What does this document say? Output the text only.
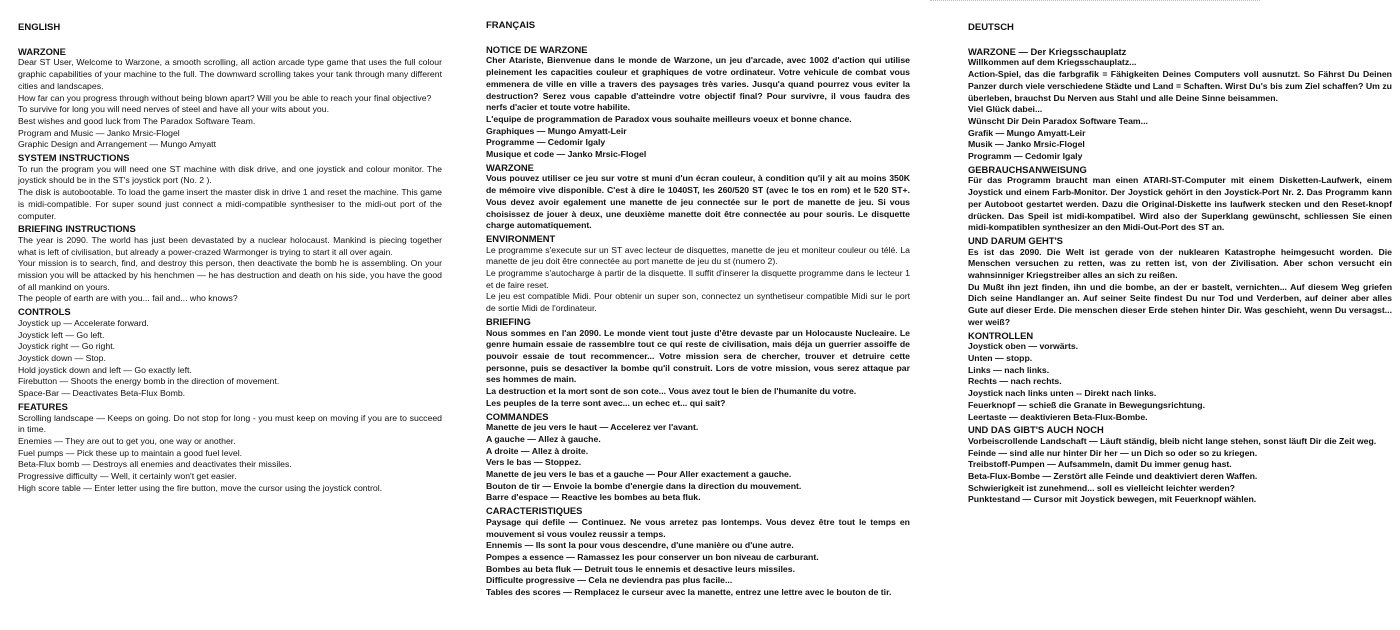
ENGLISH
WARZONE
Dear ST User, Welcome to Warzone, a smooth scrolling, all action arcade type game that uses the full colour graphic capabilities of your machine to the full. The downward scrolling takes your tank through many different cities and landscapes.
How far can you progress through without being blown apart? Will you be able to reach your final objective?
To survive for long you will need nerves of steel and have all your wits about you.
Best wishes and good luck from The Paradox Software Team.
Program and Music — Janko Mrsic-Flogel
Graphic Design and Arrangement — Mungo Amyatt
SYSTEM INSTRUCTIONS
To run the program you will need one ST machine with disk drive, and one joystick and colour monitor. The joystick should be in the ST's joystick port (No. 2 ).
The disk is autobootable. To load the game insert the master disk in drive 1 and reset the machine. This game is midi-compatible. For super sound just connect a midi-compatible synthesiser to the midi-out port of the computer.
BRIEFING INSTRUCTIONS
The year is 2090. The world has just been devastated by a nuclear holocaust. Mankind is piecing together what is left of civilisation, but already a power-crazed Warmonger is trying to start it all over again.
Your mission is to search, find, and destroy this person, then deactivate the bomb he is assembling. On your mission you will be attacked by his henchmen — he has destruction and death on his side, you have the good of all mankind on yours.
The people of earth are with you... fail and... who knows?
CONTROLS
Joystick up — Accelerate forward.
Joystick left — Go left.
Joystick right — Go right.
Joystick down — Stop.
Hold joystick down and left — Go exactly left.
Firebutton — Shoots the energy bomb in the direction of movement.
Space-Bar — Deactivates Beta-Flux Bomb.
FEATURES
Scrolling landscape — Keeps on going. Do not stop for long - you must keep on moving if you are to succeed in time.
Enemies — They are out to get you, one way or another.
Fuel pumps — Pick these up to maintain a good fuel level.
Beta-Flux bomb — Destroys all enemies and deactivates their missiles.
Progressive difficulty — Well, it certainly won't get easier.
High score table — Enter letter using the fire button, move the cursor using the joystick control.
FRANÇAIS
NOTICE DE WARZONE
Cher Atariste, Bienvenue dans le monde de Warzone, un jeu d'arcade, avec 1002 d'action qui utilise pleinement les capacities couleur et graphiques de votre ordinateur. Votre vehicule de combat vous emmenera de ville en ville a travers des paysages très varies. Jusqu'a quand pourrez vous eviter la destruction? Serez vous capable d'atteindre votre objectif final? Pour survivre, il vous faudra des nerfs d'acier et toute votre habilite.
L'equipe de programmation de Paradox vous souhaite meilleurs voeux et bonne chance.
Graphiques — Mungo Amyatt-Leir
Programme — Cedomir Igaly
Musique et code — Janko Mrsic-Flogel
WARZONE
Vous pouvez utiliser ce jeu sur votre st muni d'un écran couleur, à condition qu'il y ait au moins 350K de mémoire vive disponible. C'est à dire le 1040ST, les 260/520 ST (avec le tos en rom) et le 520 ST+. Vous devez avoir egalement une manette de jeu connectée sur le port de manette de jeu. Si vous choisissez de jouer à deux, une deuxième manette doit être connectée au pour souris. Le disquette charge automatiquement.
ENVIRONMENT
Le programme s'execute sur un ST avec lecteur de disquettes, manette de jeu et moniteur couleur ou télé. La manette de jeu doit être connectée au port manette de jeu du st (numero 2).
Le programme s'autocharge à partir de la disquette. Il suffit d'inserer la disquette programme dans le lecteur 1 et de faire reset.
Le jeu est compatible Midi. Pour obtenir un super son, connectez un synthetiseur compatible Midi sur le port de sortie Midi de l'ordinateur.
BRIEFING
Nous sommes en l'an 2090. Le monde vient tout juste d'être devaste par un Holocauste Nucleaire. Le genre humain essaie de rassemblre tout ce qui reste de civilisation, mais déja un guerrier assoiffe de pouvoir essaie de tout recommencer... Votre mission sera de chercher, trouver et detruire cette personne, puis se desactiver la bombe qu'il construit. Lors de votre mission, vous serez attaque par ses hommes de main.
La destruction et la mort sont de son cote... Vous avez tout le bien de l'humanite du votre.
Les peuples de la terre sont avec... un echec et... qui sait?
COMMANDES
Manette de jeu vers le haut — Accelerez ver l'avant.
A gauche — Allez à gauche.
A droite — Allez à droite.
Vers le bas — Stoppez.
Manette de jeu vers le bas et a gauche — Pour Aller exactement a gauche.
Bouton de tir — Envoie la bombe d'energie dans la direction du mouvement.
Barre d'espace — Reactive les bombes au beta fluk.
CARACTERISTIQUES
Paysage qui defile — Continuez. Ne vous arretez pas lontemps. Vous devez être tout le temps en mouvement si vous voulez reussir a temps.
Ennemis — Ils sont la pour vous descendre, d'une manière ou d'une autre.
Pompes a essence — Ramassez les pour conserver un bon niveau de carburant.
Bombes au beta fluk — Detruit tous le ennemis et desactive leurs missiles.
Difficulte progressive — Cela ne deviendra pas plus facile...
Tables des scores — Remplacez le curseur avec la manette, entrez une lettre avec le bouton de tir.
DEUTSCH
WARZONE — Der Kriegsschauplatz
Willkommen auf dem Kriegsschauplatz...
Action-Spiel, das die farbgrafik = Fähigkeiten Deines Computers voll ausnutzt. So Fährst Du Deinen Panzer durch viele verschiedene Städte und Land = Schaften. Wirst Du's bis zum Ziel schaffen? Um zu überleben, brauchst Du Nerven aus Stahl und alle Deine Sinne beisammen.
Viel Glück dabei...
Wünscht Dir Dein Paradox Software Team...
Grafik — Mungo Amyatt-Leir
Musik — Janko Mrsic-Flogel
Programm — Cedomir Igaly
GEBRAUCHSANWEISUNG
Für das Programm braucht man einen ATARI-ST-Computer mit einem Disketten-Laufwerk, einem Joystick und einem Farb-Monitor. Der Joystick gehört in den Joystick-Port Nr. 2. Das Programm kann per Autoboot gestartet werden. Dazu die Original-Diskette ins laufwerk stecken und den Reset-knopf drücken. Das Speil ist midi-kompatibel. Wird also der Superklang gewünscht, schliessen Sie einen midi-kompatiblen synthesizer an den Midi-Out-Port des ST an.
UND DARUM GEHT'S
Es ist das 2090. Die Welt ist gerade von der nuklearen Katastrophe heimgesucht worden. Die Menschen versuchen zu retten, was zu retten ist, von der Zivilisation. Aber schon versucht ein wahnsinniger Kriegstreiber alles an sich zu reißen.
Du Mußt ihn jezt finden, ihn und die bombe, an der er bastelt, vernichten... Auf diesem Weg griefen Dich seine Handlanger an. Auf seiner Seite findest Du nur Tod und Verderben, auf deiner aber alles Gute auf dieser Erde. Die menschen dieser Erde stehen hinter Dir. Was geschieht, wenn Du versagst... wer weiß?
KONTROLLEN
Joystick oben — vorwärts.
Unten — stopp.
Links — nach links.
Rechts — nach rechts.
Joystick nach links unten -- Direkt nach links.
Feuerknopf — schieß die Granate in Bewegungsrichtung.
Leertaste — deaktivieren Beta-Flux-Bombe.
UND DAS GIBT'S AUCH NOCH
Vorbeiscrollende Landschaft — Läuft ständig, bleib nicht lange stehen, sonst läuft Dir die Zeit weg.
Feinde — sind alle nur hinter Dir her — un Dich so oder so zu kriegen.
Treibstoff-Pumpen — Aufsammeln, damit Du immer genug hast.
Beta-Flux-Bombe — Zerstört alle Feinde und deaktiviert deren Waffen.
Schwierigkeit ist zunehmend... soll es vielleicht leichter werden?
Punktestand — Cursor mit Joystick bewegen, mit Feuerknopf wählen.
